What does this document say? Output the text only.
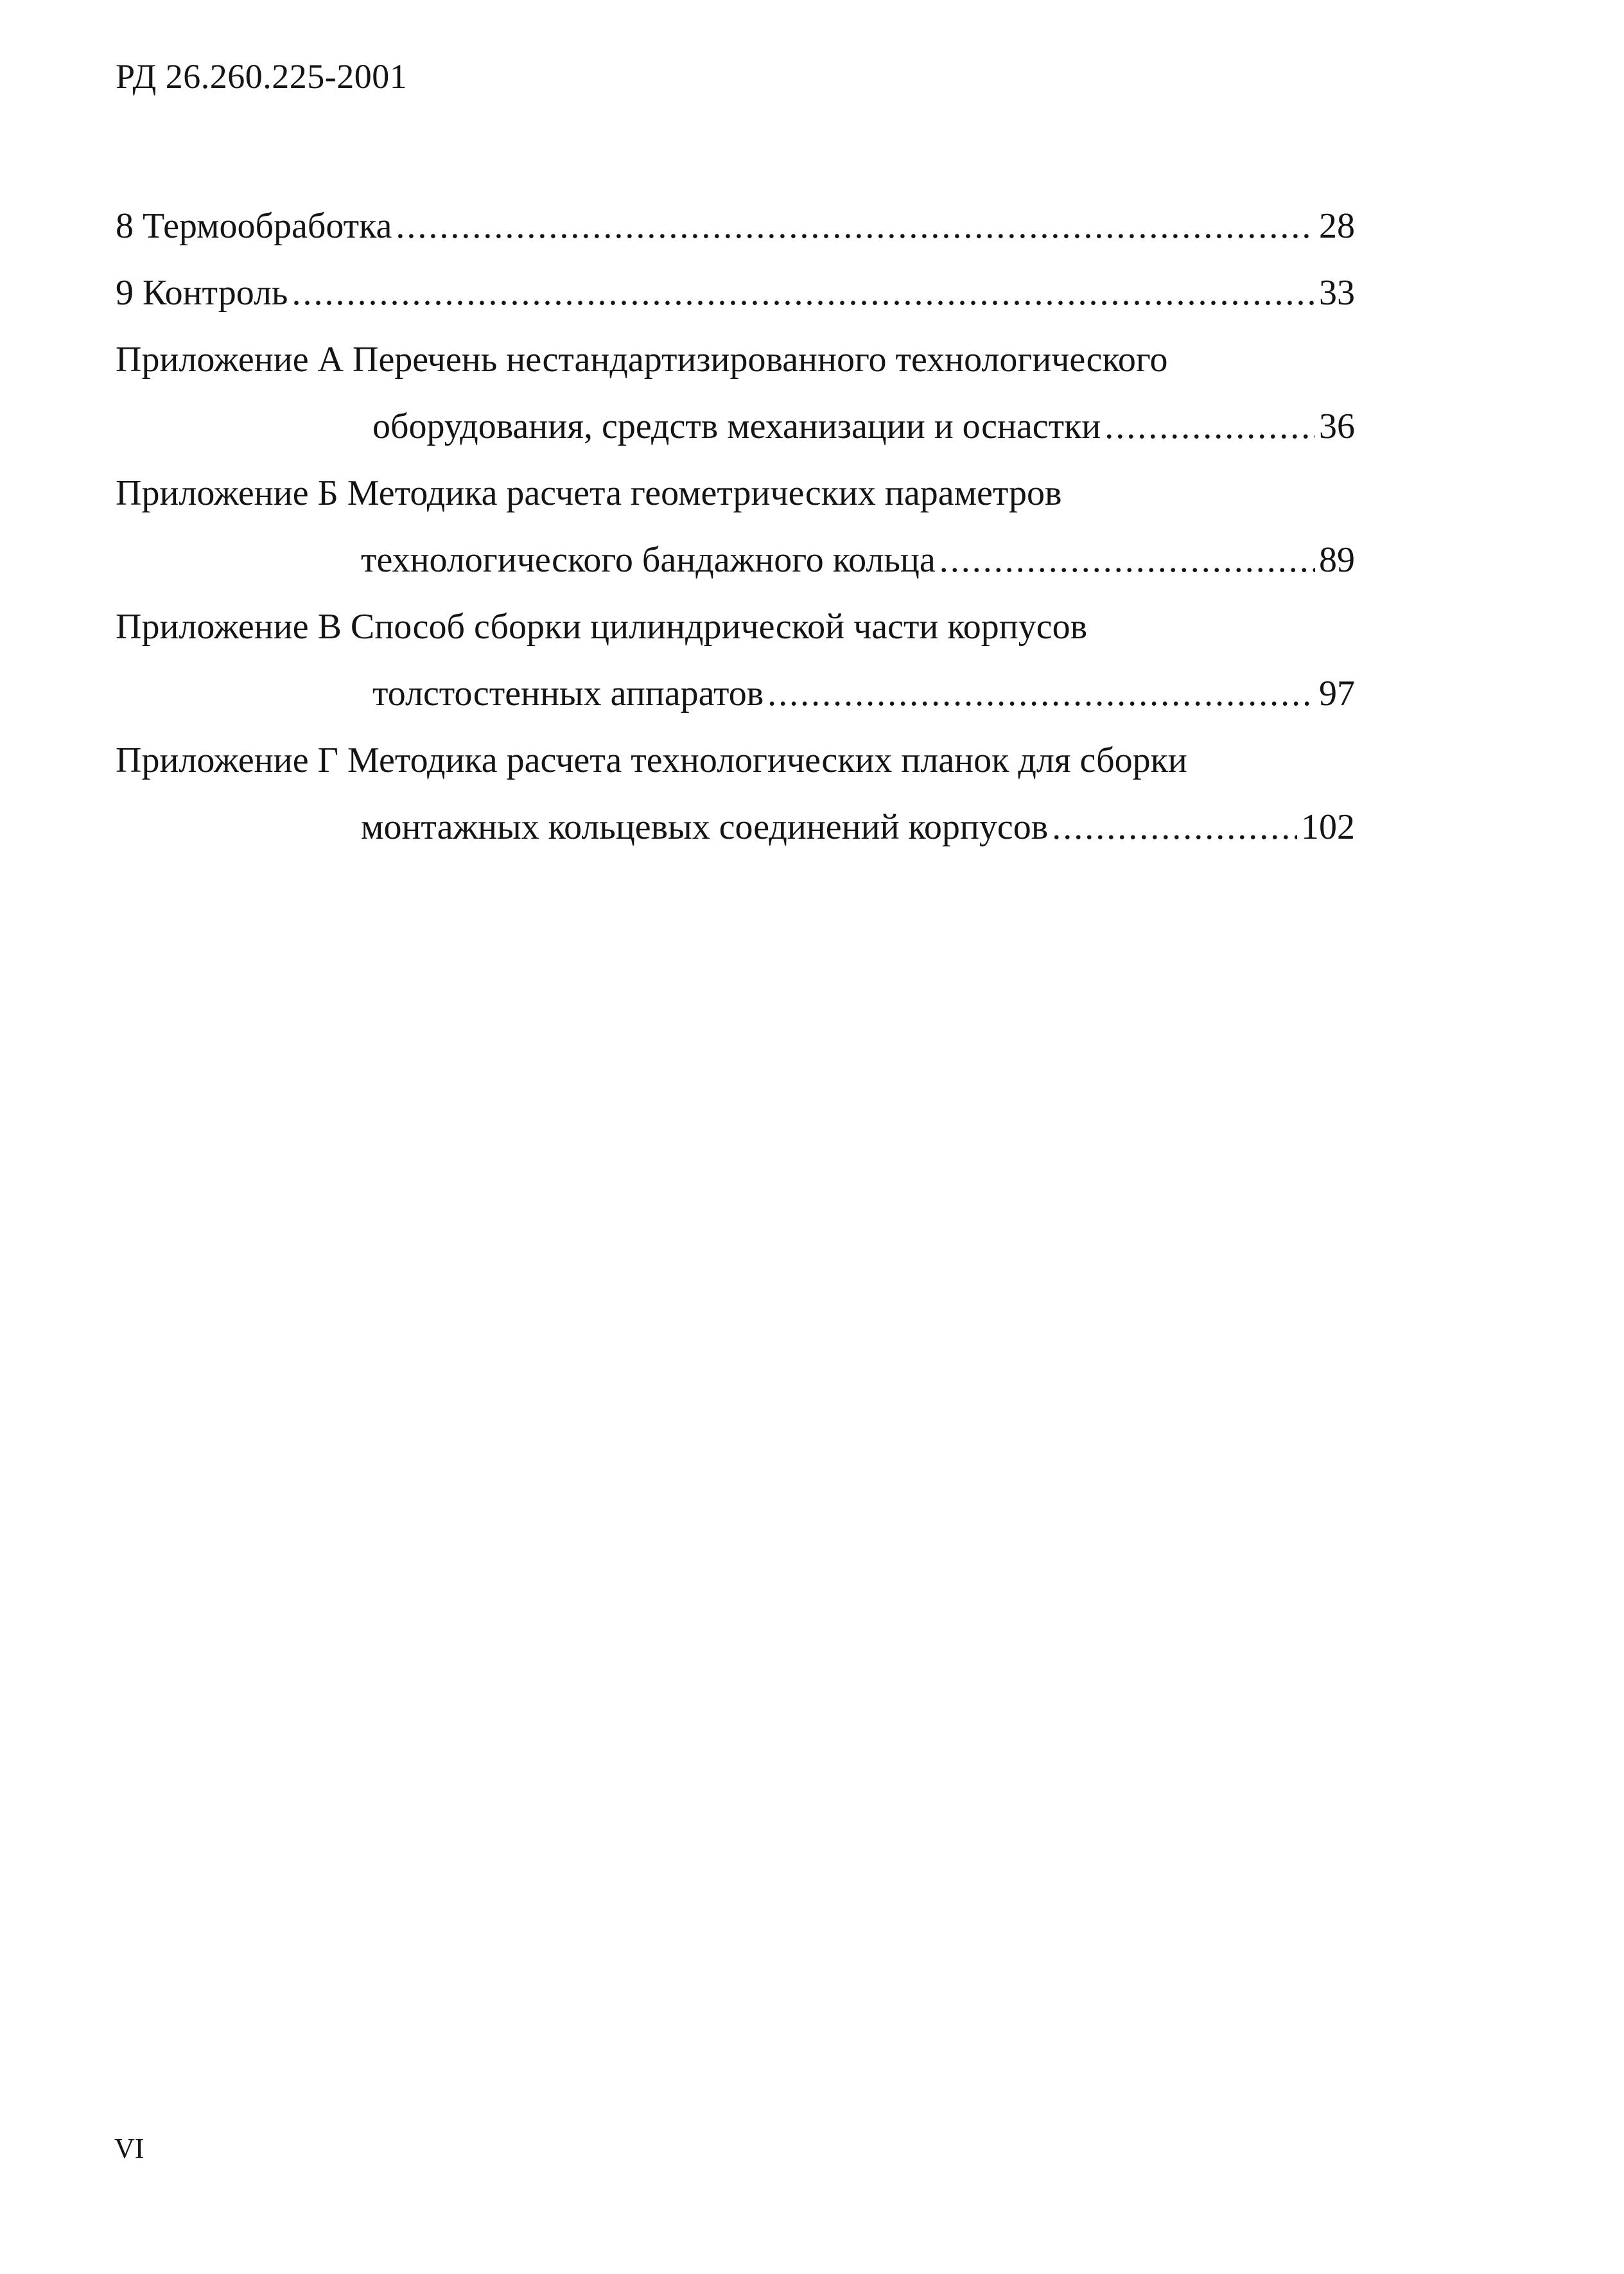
РД 26.260.225-2001
8 Термообработка .....	28
9 Контроль .....	33
Приложение А Перечень нестандартизированного технологического
оборудования, средств механизации и оснастки .....	36
Приложение Б Методика расчета геометрических параметров
технологического бандажного кольца .....	89
Приложение В Способ сборки цилиндрической части корпусов
толстостенных аппаратов .....	97
Приложение Г Методика расчета технологических планок для сборки
монтажных кольцевых соединений корпусов .....	102
VI
